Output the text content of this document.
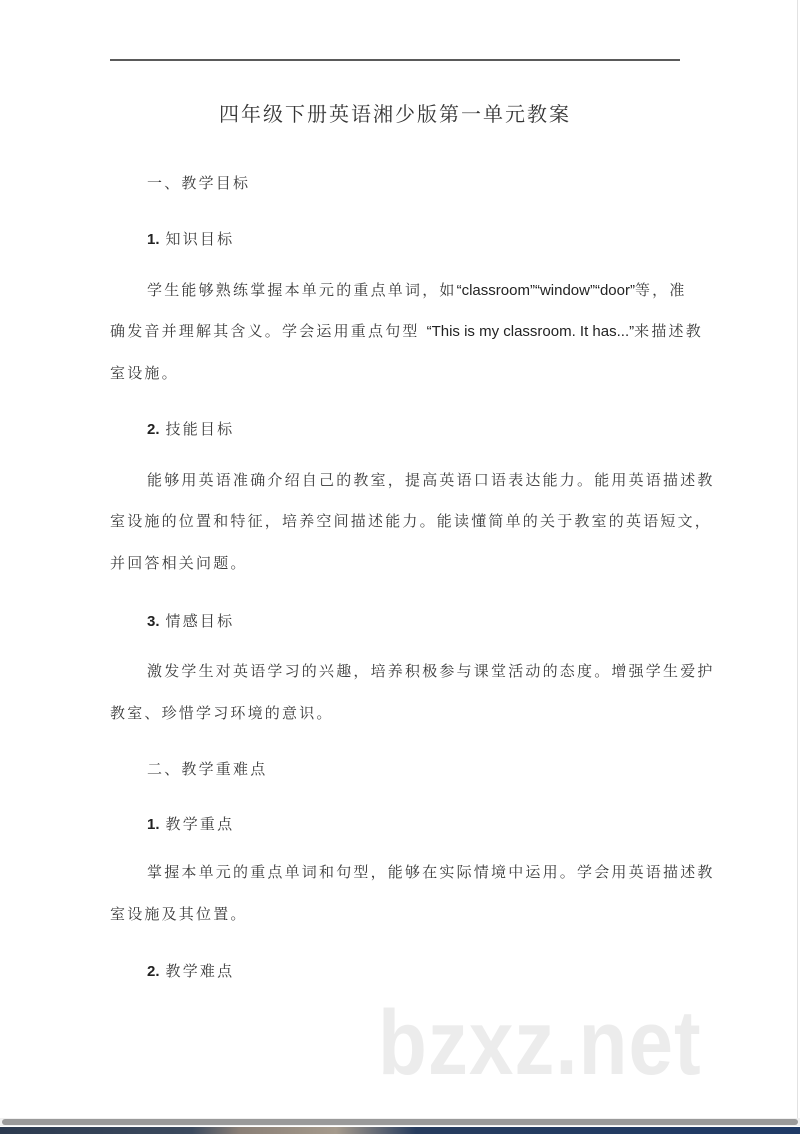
四年级下册英语湘少版第一单元教案
一、教学目标
1. 知识目标
学生能够熟练掌握本单元的重点单词，如“classroom”“window”“door”等，准
确发音并理解其含义。学会运用重点句型 “This is my classroom. It has...”来描述教
室设施。
2. 技能目标
能够用英语准确介绍自己的教室，提高英语口语表达能力。能用英语描述教
室设施的位置和特征，培养空间描述能力。能读懂简单的关于教室的英语短文，
并回答相关问题。
3. 情感目标
激发学生对英语学习的兴趣，培养积极参与课堂活动的态度。增强学生爱护
教室、珍惜学习环境的意识。
二、教学重难点
1. 教学重点
掌握本单元的重点单词和句型，能够在实际情境中运用。学会用英语描述教
室设施及其位置。
2. 教学难点
bzxz.net
